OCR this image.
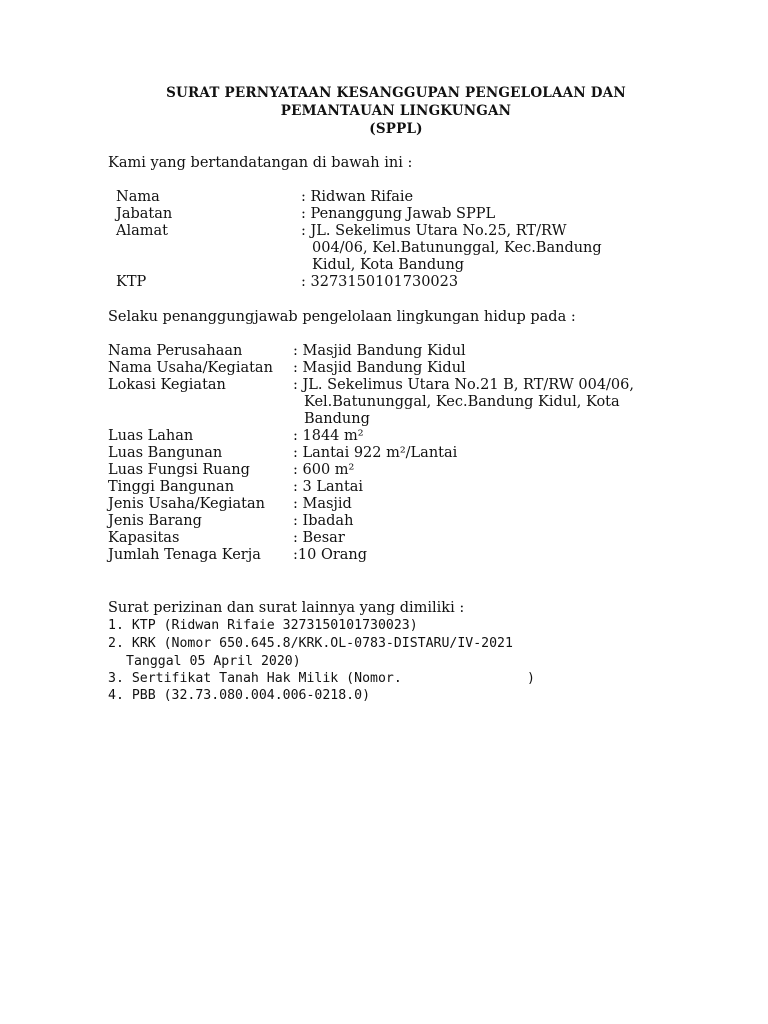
SURAT PERNYATAAN KESANGGUPAN PENGELOLAAN DAN
PEMANTAUAN LINGKUNGAN
(SPPL)
Kami yang bertandatangan di bawah ini :
Nama	: Ridwan Rifaie
Jabatan	: Penanggung Jawab SPPL
Alamat	: JL. Sekelimus Utara No.25, RT/RW
004/06, Kel.Batununggal, Kec.Bandung
Kidul, Kota Bandung
KTP	: 3273150101730023
Selaku penanggungjawab pengelolaan lingkungan hidup pada :
Nama Perusahaan	: Masjid Bandung Kidul
Nama Usaha/Kegiatan : Masjid Bandung Kidul
Lokasi Kegiatan	: JL. Sekelimus Utara No.21 B, RT/RW 004/06,
Kel.Batununggal, Kec.Bandung Kidul, Kota
Bandung
Luas Lahan	: 1844 m²
Luas Bangunan	: Lantai 922 m²/Lantai
Luas Fungsi Ruang	: 600 m²
Tinggi Bangunan	: 3 Lantai
Jenis Usaha/Kegiatan : Masjid
Jenis Barang	: Ibadah
Kapasitas	: Besar
Jumlah Tenaga Kerja :10 Orang
Surat perizinan dan surat lainnya yang dimiliki :
1. KTP (Ridwan Rifaie 3273150101730023)
2. KRK (Nomor 650.645.8/KRK.OL-0783-DISTARU/IV-2021
Tanggal 05 April 2020)
3. Sertifikat Tanah Hak Milik (Nomor.	)
4. PBB (32.73.080.004.006-0218.0)
